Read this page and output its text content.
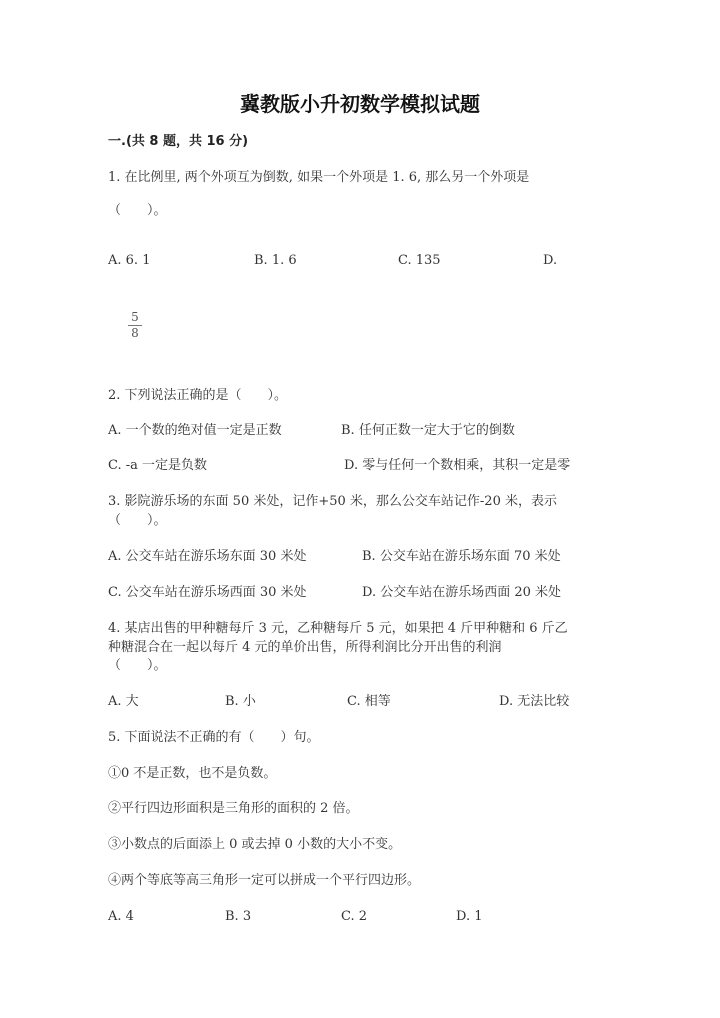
冀教版小升初数学模拟试题
一.(共 8 题，共 16 分)
1. 在比例里, 两个外项互为倒数, 如果一个外项是 1. 6, 那么另一个外项是
（　　）。
A. 6. 1	B. 1. 6	C. 135	D.
5
8
2. 下列说法正确的是（　　）。
A. 一个数的绝对值一定是正数	B. 任何正数一定大于它的倒数
C. -a 一定是负数	D. 零与任何一个数相乘，其积一定是零
3. 影院游乐场的东面 50 米处，记作+50 米，那么公交车站记作-20 米，表示
（　　）。
A. 公交车站在游乐场东面 30 米处	B. 公交车站在游乐场东面 70 米处
C. 公交车站在游乐场西面 30 米处	D. 公交车站在游乐场西面 20 米处
4. 某店出售的甲种糖每斤 3 元，乙种糖每斤 5 元，如果把 4 斤甲种糖和 6 斤乙
种糖混合在一起以每斤 4 元的单价出售，所得利润比分开出售的利润
（　　）。
A. 大	B. 小	C. 相等	D. 无法比较
5. 下面说法不正确的有（　　）句。
①0 不是正数，也不是负数。
②平行四边形面积是三角形的面积的 2 倍。
③小数点的后面添上 0 或去掉 0 小数的大小不变。
④两个等底等高三角形一定可以拼成一个平行四边形。
A. 4	B. 3	C. 2	D. 1
